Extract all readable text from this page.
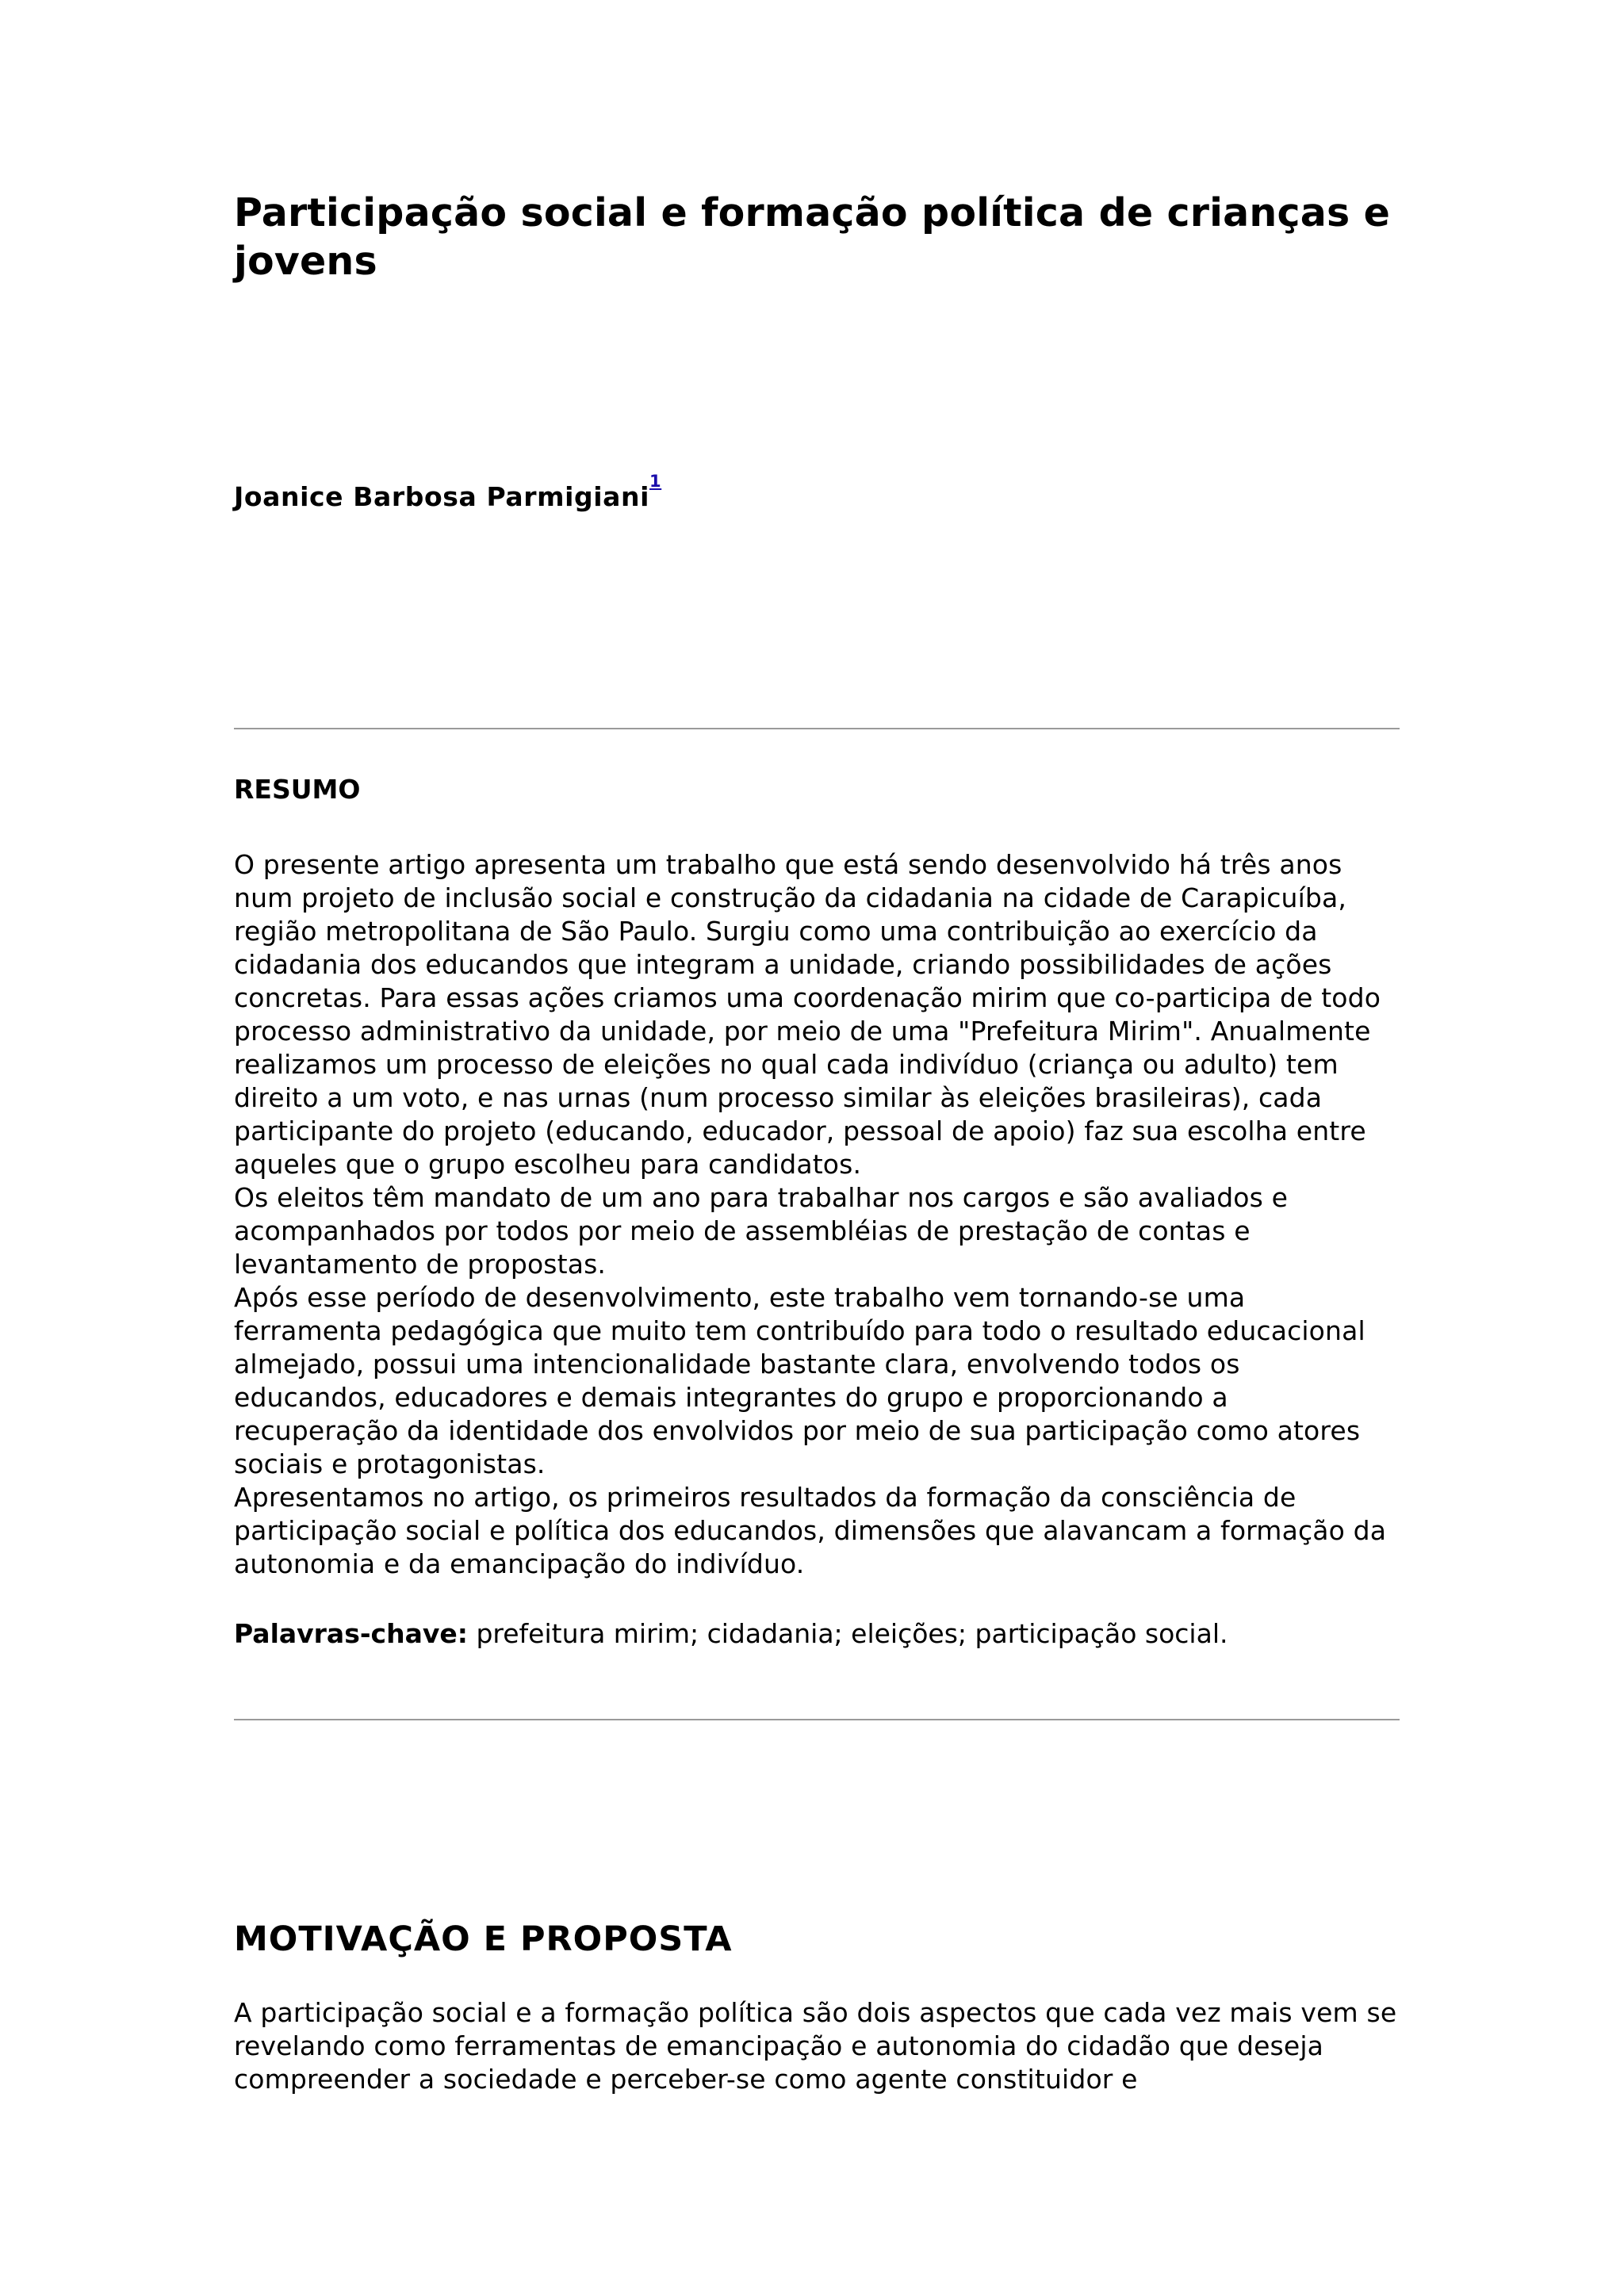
Participação social e formação política de crianças e jovens

Joanice Barbosa Parmigiani$^{^1}$

RESUMO

O presente artigo apresenta um trabalho que está sendo desenvolvido há três anos num projeto de inclusão social e construção da cidadania na cidade de Carapicuíba, região metropolitana de São Paulo. Surgiu como uma contribuição ao exercício da cidadania dos educandos que integram a unidade, criando possibilidades de ações concretas. Para essas ações criamos uma coordenação mirim que co-participa de todo processo administrativo da unidade, por meio de uma "Prefeitura Mirim". Anualmente realizamos um processo de eleições no qual cada indivíduo (criança ou adulto) tem direito a um voto, e nas urnas (num processo similar às eleições brasileiras), cada participante do projeto (educando, educador, pessoal de apoio) faz sua escolha entre aqueles que o grupo escolheu para candidatos.

Os eleitos têm mandato de um ano para trabalhar nos cargos e são avaliados e acompanhados por todos por meio de assembléias de prestação de contas e levantamento de propostas.

Após esse período de desenvolvimento, este trabalho vem tornando-se uma ferramenta pedagógica que muito tem contribuído para todo o resultado educacional almejado, possui uma intencionalidade bastante clara, envolvendo todos os educandos, educadores e demais integrantes do grupo e proporcionando a recuperação da identidade dos envolvidos por meio de sua participação como atores sociais e protagonistas.

Apresentamos no artigo, os primeiros resultados da formação da consciência de participação social e política dos educandos, dimensões que alavancam a formação da autonomia e da emancipação do indivíduo.

Palavras-chave: prefeitura mirim; cidadania; eleições; participação social.

MOTIVAÇÃO E PROPOSTA

A participação social e a formação política são dois aspectos que cada vez mais vem se revelando como ferramentas de emancipação e autonomia do cidadão que deseja compreender a sociedade e perceber-se como agente constituidor e
